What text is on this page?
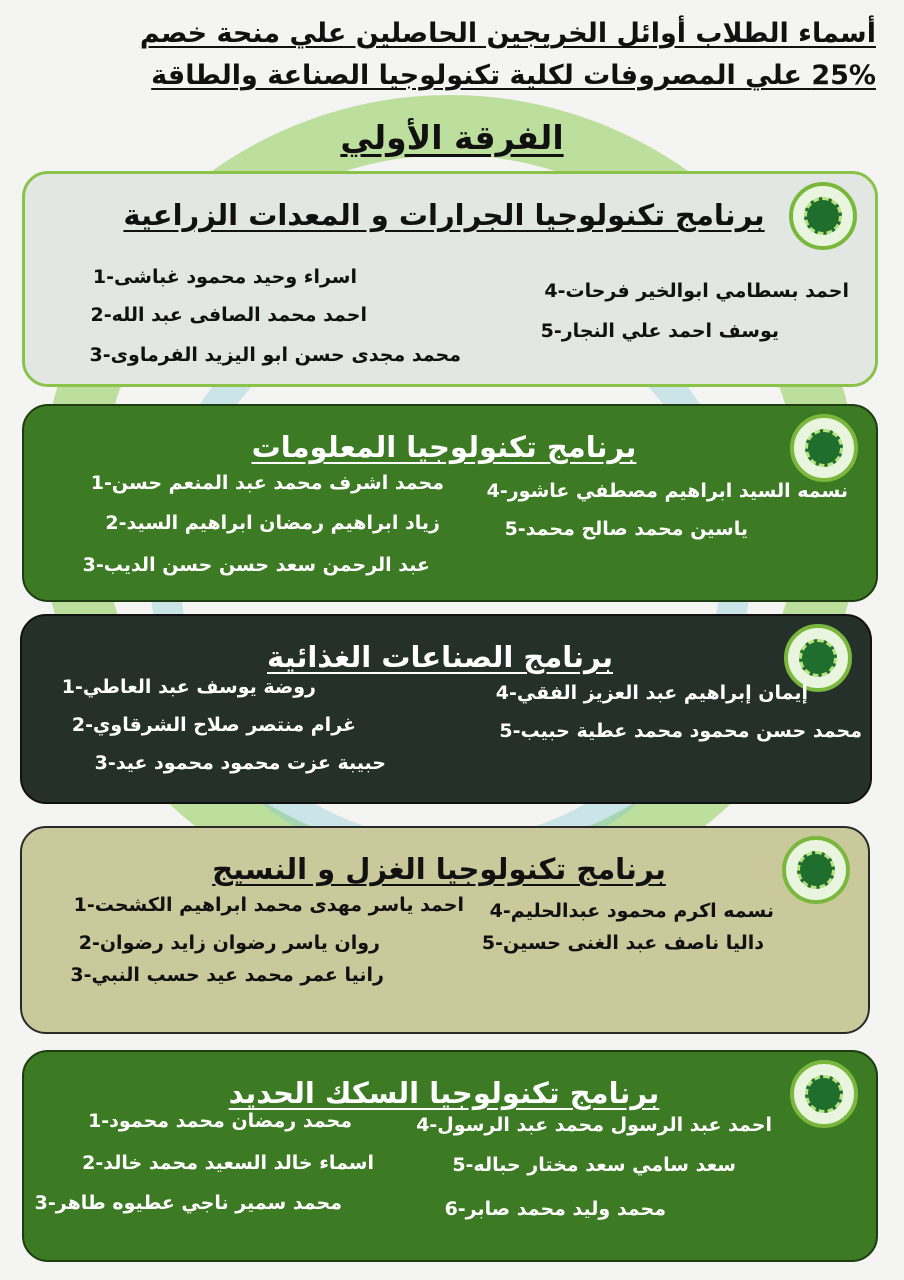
أسماء الطلاب أوائل الخريجين الحاصلين علي منحة خصم
25% علي المصروفات لكلية تكنولوجيا الصناعة والطاقة
الفرقة الأولي
برنامج تكنولوجيا الجرارات و المعدات الزراعية
اسراء وحيد محمود غباشى-1
احمد محمد الصافى عبد الله-2
محمد مجدى حسن ابو اليزيد الفرماوى-3
احمد بسطامي ابوالخير فرحات-4
يوسف احمد علي النجار-5
برنامج تكنولوجيا المعلومات
محمد اشرف محمد عبد المنعم حسن-1
زياد ابراهيم رمضان ابراهيم السيد-2
عبد الرحمن سعد حسن حسن الديب-3
نسمه السيد ابراهيم مصطفي عاشور-4
ياسين محمد صالح محمد-5
برنامج الصناعات الغذائية
روضة يوسف عبد العاطي-1
غرام منتصر صلاح الشرقاوي-2
حبيبة عزت محمود محمود عيد-3
إيمان إبراهيم عبد العزيز الفقي-4
محمد حسن محمود محمد عطية حبيب-5
برنامج تكنولوجيا الغزل و النسيج
احمد ياسر مهدى محمد ابراهيم الكشحت-1
روان ياسر رضوان زايد رضوان-2
رانيا عمر محمد عيد حسب النبي-3
نسمه اكرم محمود عبدالحليم-4
داليا ناصف عبد الغنى حسين-5
برنامج تكنولوجيا السكك الحديد
محمد رمضان محمد محمود-1
اسماء خالد السعيد محمد خالد-2
محمد سمير ناجي عطيوه طاهر-3
احمد عبد الرسول محمد عبد الرسول-4
سعد سامي سعد مختار حباله-5
محمد وليد محمد صابر-6
